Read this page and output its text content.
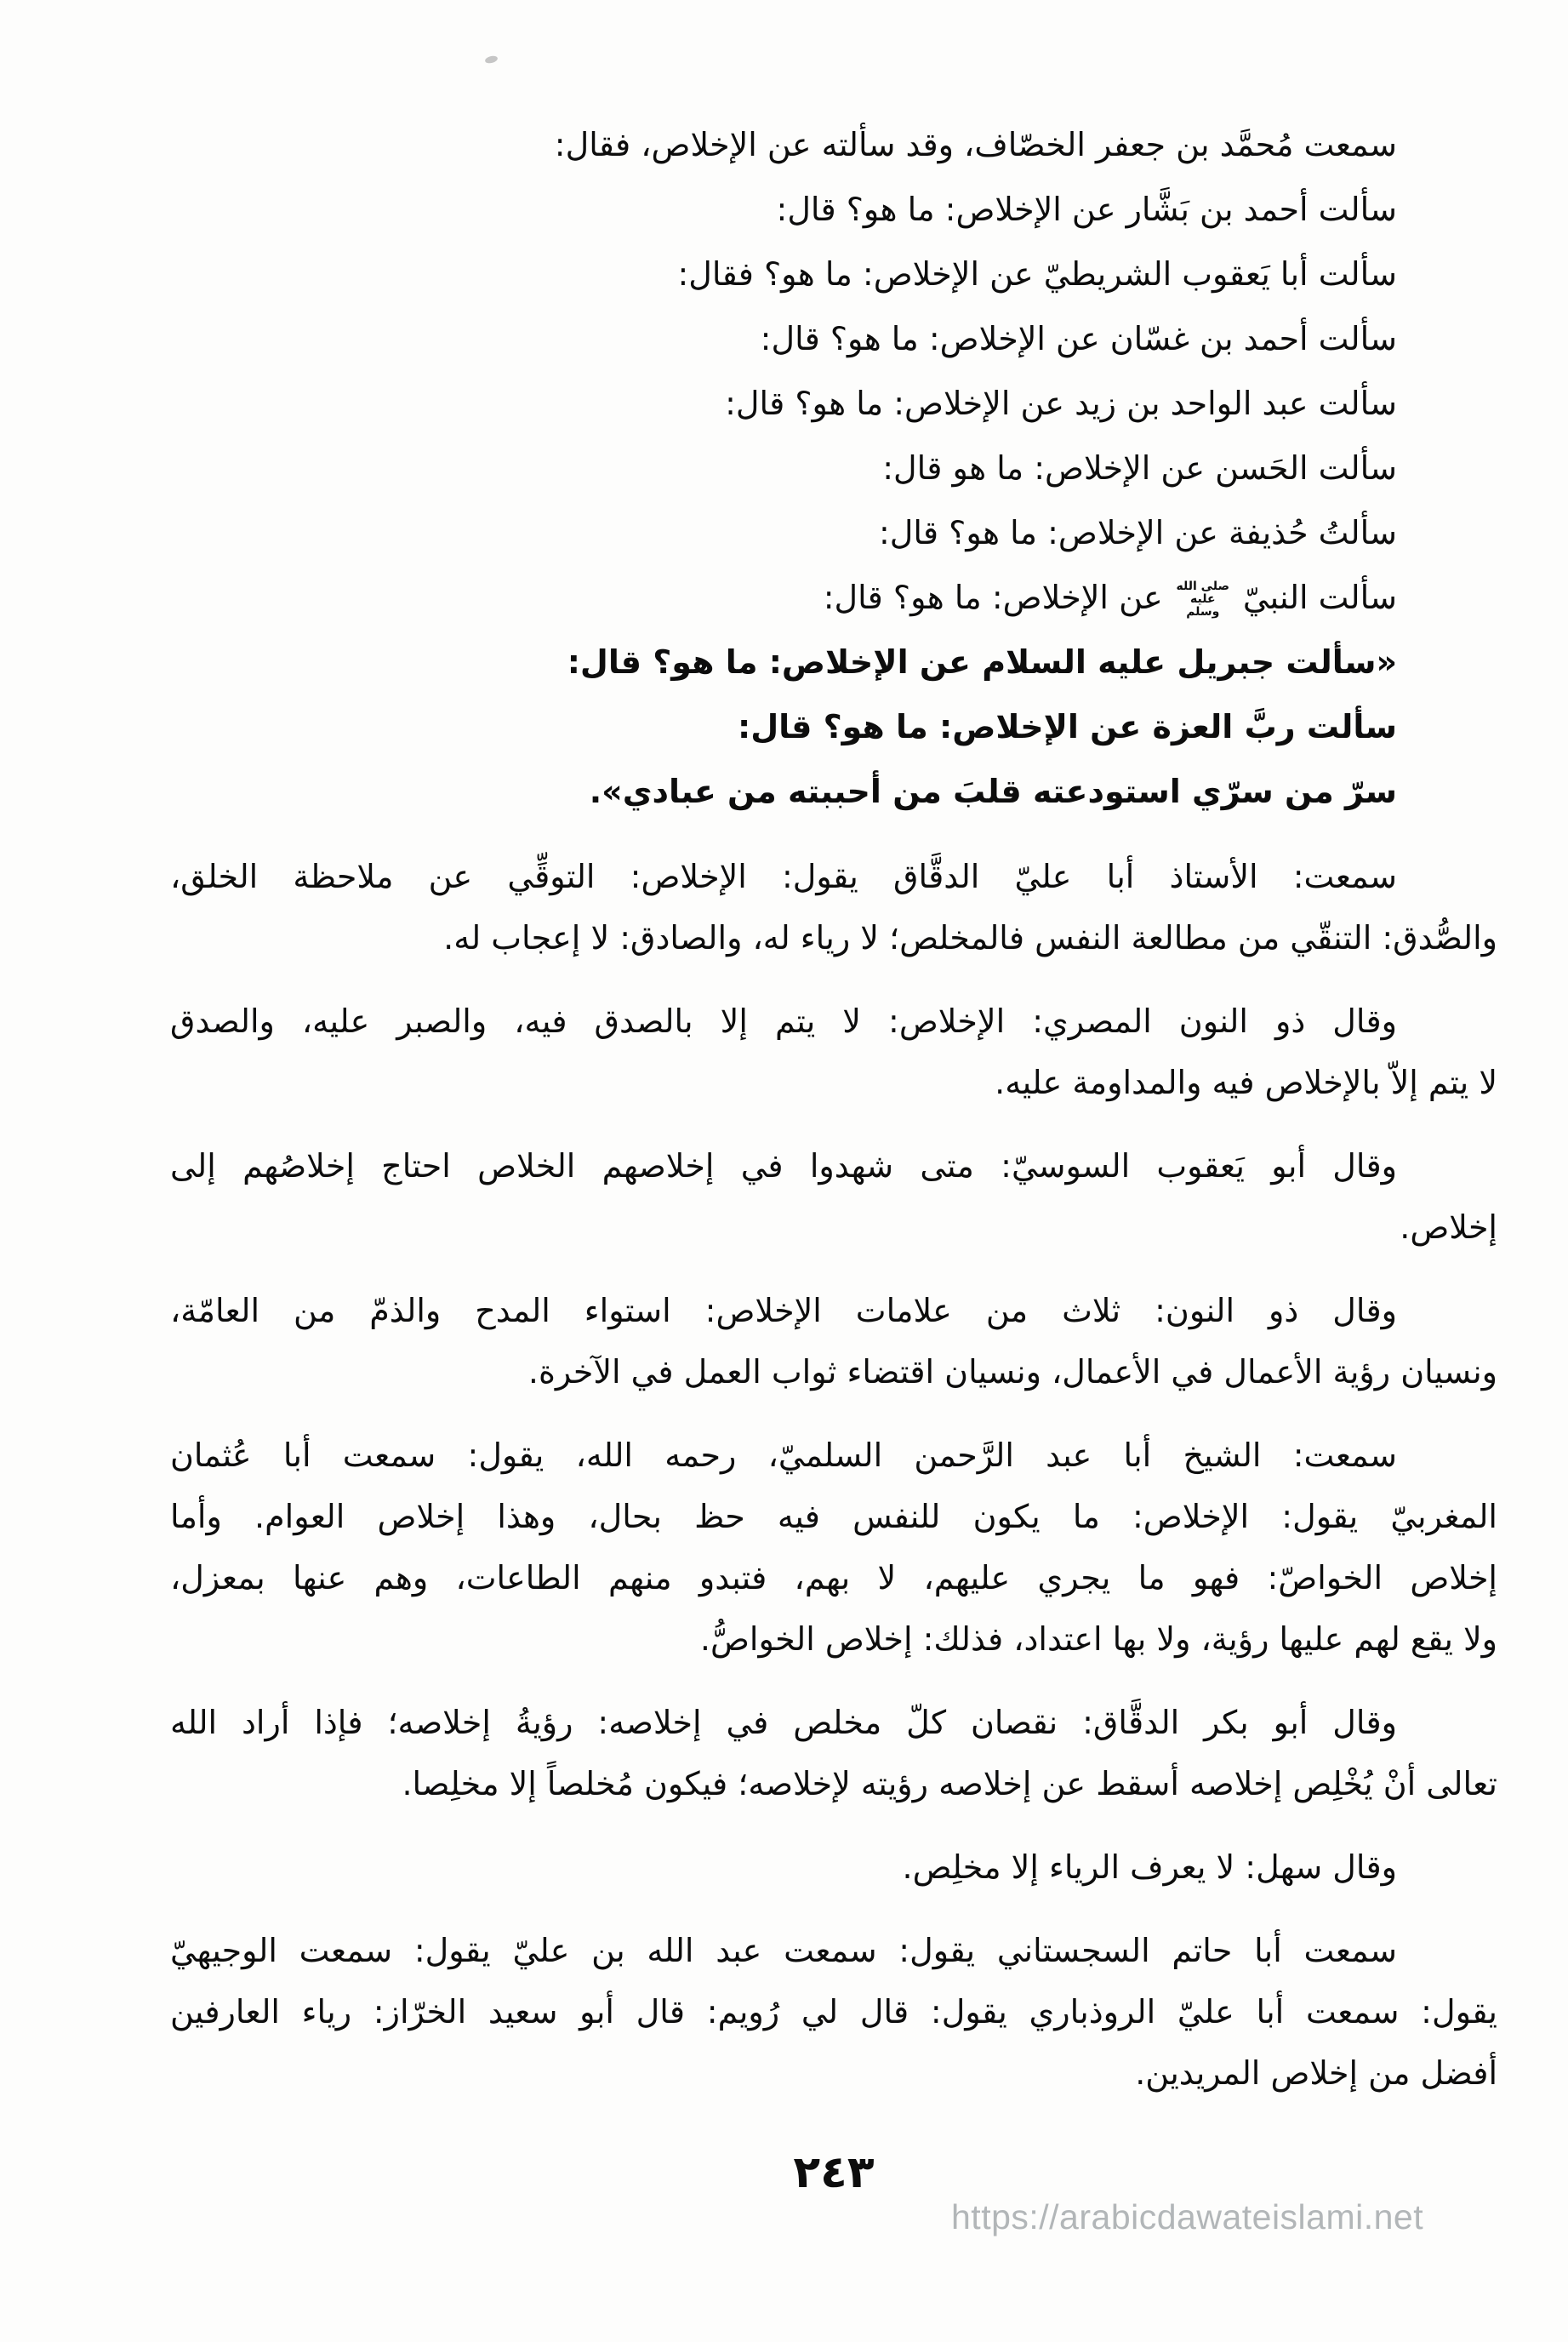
سمعت مُحمَّد بن جعفر الخصّاف، وقد سألته عن الإخلاص، فقال:
سألت أحمد بن بَشَّار عن الإخلاص: ما هو؟ قال:
سألت أبا يَعقوب الشريطيّ عن الإخلاص: ما هو؟ فقال:
سألت أحمد بن غسّان عن الإخلاص: ما هو؟ قال:
سألت عبد الواحد بن زيد عن الإخلاص: ما هو؟ قال:
سألت الحَسن عن الإخلاص: ما هو قال:
سألتُ حُذيفة عن الإخلاص: ما هو؟ قال:
سألت النبيّ
صلى الله
عليه
وسلم
عن الإخلاص: ما هو؟ قال:
«سألت جبريل عليه السلام عن الإخلاص: ما هو؟ قال:
سألت ربَّ العزة عن الإخلاص: ما هو؟ قال:
سرّ من سرّي استودعته قلبَ من أحببته من عبادي».
سمعت: الأستاذ أبا عليّ الدقَّاق يقول: الإخلاص: التوقِّي عن ملاحظة الخلق،
والصُّدق: التنقّي من مطالعة النفس فالمخلص؛ لا رياء له، والصادق: لا إعجاب له.
وقال ذو النون المصري: الإخلاص: لا يتم إلا بالصدق فيه، والصبر عليه، والصدق
لا يتم إلاّ بالإخلاص فيه والمداومة عليه.
وقال أبو يَعقوب السوسيّ: متى شهدوا في إخلاصهم الخلاص احتاج إخلاصُهم إلى
إخلاص.
وقال ذو النون: ثلاث من علامات الإخلاص: استواء المدح والذمّ من العامّة،
ونسيان رؤية الأعمال في الأعمال، ونسيان اقتضاء ثواب العمل في الآخرة.
سمعت: الشيخ أبا عبد الرَّحمن السلميّ، رحمه الله، يقول: سمعت أبا عُثمان
المغربيّ يقول: الإخلاص: ما يكون للنفس فيه حظ بحال، وهذا إخلاص العوام. وأما
إخلاص الخواصّ: فهو ما يجري عليهم، لا بهم، فتبدو منهم الطاعات، وهم عنها بمعزل،
ولا يقع لهم عليها رؤية، ولا بها اعتداد، فذلك: إخلاص الخواصُّ.
وقال أبو بكر الدقَّاق: نقصان كلّ مخلص في إخلاصه: رؤيةُ إخلاصه؛ فإذا أراد الله
تعالى أنْ يُخْلِص إخلاصه أسقط عن إخلاصه رؤيته لإخلاصه؛ فيكون مُخلصاً إلا مخلِصا.
وقال سهل: لا يعرف الرياء إلا مخلِص.
سمعت أبا حاتم السجستاني يقول: سمعت عبد الله بن عليّ يقول: سمعت الوجيهيّ
يقول: سمعت أبا عليّ الروذباري يقول: قال لي رُويم: قال أبو سعيد الخرّاز: رياء العارفين
أفضل من إخلاص المريدين.
٢٤٣
https://arabicdawateislami.net
